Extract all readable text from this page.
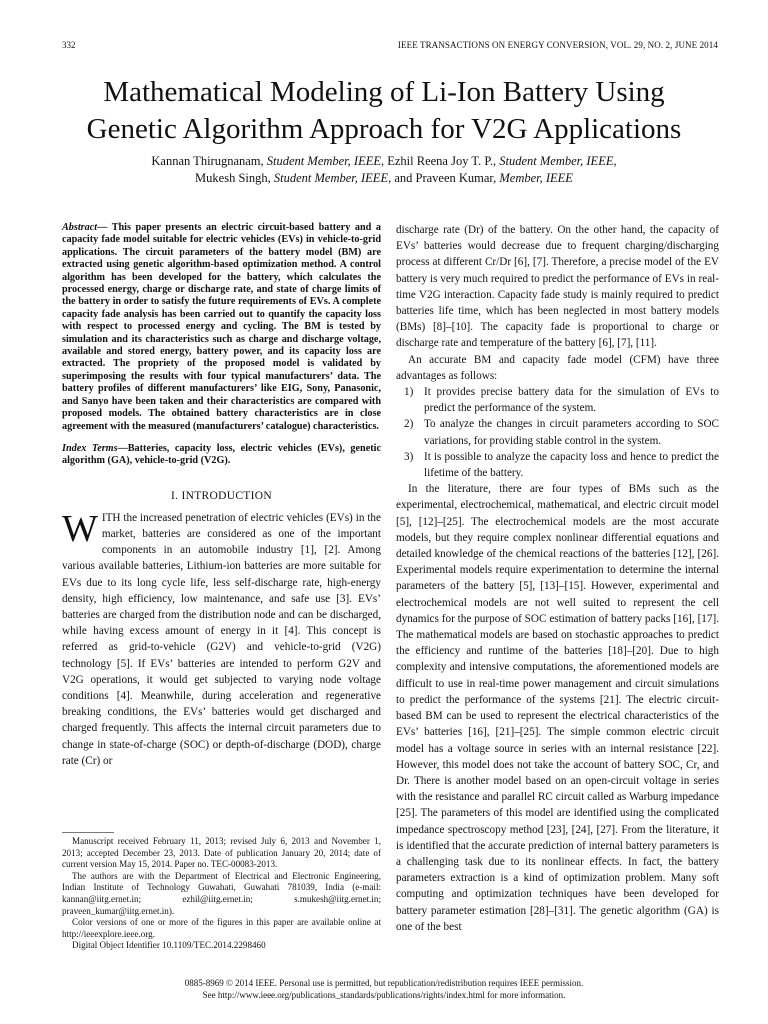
332	IEEE TRANSACTIONS ON ENERGY CONVERSION, VOL. 29, NO. 2, JUNE 2014
Mathematical Modeling of Li-Ion Battery Using
Genetic Algorithm Approach for V2G Applications
Kannan Thirugnanam, Student Member, IEEE, Ezhil Reena Joy T. P., Student Member, IEEE,
Mukesh Singh, Student Member, IEEE, and Praveen Kumar, Member, IEEE

Abstract— This paper presents an electric circuit-based battery and a capacity fade model suitable for electric vehicles (EVs) in vehicle-to-grid applications. The circuit parameters of the battery model (BM) are extracted using genetic algorithm-based optimization method. A control algorithm has been developed for the battery, which calculates the processed energy, charge or discharge rate, and state of charge limits of the battery in order to satisfy the future requirements of EVs. A complete capacity fade analysis has been carried out to quantify the capacity loss with respect to processed energy and cycling. The BM is tested by simulation and its characteristics such as charge and discharge voltage, available and stored energy, battery power, and its capacity loss are extracted. The propriety of the proposed model is validated by superimposing the results with four typical manufacturers’ data. The battery profiles of different manufacturers’ like EIG, Sony, Panasonic, and Sanyo have been taken and their characteristics are compared with proposed models. The obtained battery characteristics are in close agreement with the measured (manufacturers’ catalogue) characteristics.

Index Terms—Batteries, capacity loss, electric vehicles (EVs), genetic algorithm (GA), vehicle-to-grid (V2G).

I. INTRODUCTION

WITH the increased penetration of electric vehicles (EVs) in the market, batteries are considered as one of the important components in an automobile industry [1], [2]. Among various available batteries, Lithium-ion batteries are more suitable for EVs due to its long cycle life, less self-discharge rate, high-energy density, high efficiency, low maintenance, and safe use [3]. EVs’ batteries are charged from the distribution node and can be discharged, while having excess amount of energy in it [4]. This concept is referred as grid-to-vehicle (G2V) and vehicle-to-grid (V2G) technology [5]. If EVs’ batteries are intended to perform G2V and V2G operations, it would get subjected to varying node voltage conditions [4]. Meanwhile, during acceleration and regenerative breaking conditions, the EVs’ batteries would get discharged and charged frequently. This affects the internal circuit parameters due to change in state-of-charge (SOC) or depth-of-discharge (DOD), charge rate (Cr) or

Manuscript received February 11, 2013; revised July 6, 2013 and November 1, 2013; accepted December 23, 2013. Date of publication January 20, 2014; date of current version May 15, 2014. Paper no. TEC-00083-2013.

The authors are with the Department of Electrical and Electronic Engineering, Indian Institute of Technology Guwahati, Guwahati 781039, India (e-mail: kannan@iitg.ernet.in; ezhil@iitg.ernet.in; s.mukesh@iitg.ernet.in; praveen_kumar@iitg.ernet.in).

Color versions of one or more of the figures in this paper are available online at http://ieeexplore.ieee.org.

Digital Object Identifier 10.1109/TEC.2014.2298460

discharge rate (Dr) of the battery. On the other hand, the capacity of EVs’ batteries would decrease due to frequent charging/discharging process at different Cr/Dr [6], [7]. Therefore, a precise model of the EV battery is very much required to predict the performance of EVs in real-time V2G interaction. Capacity fade study is mainly required to predict batteries life time, which has been neglected in most battery models (BMs) [8]–[10]. The capacity fade is proportional to charge or discharge rate and temperature of the battery [6], [7], [11].

An accurate BM and capacity fade model (CFM) have three advantages as follows:

1) It provides precise battery data for the simulation of EVs to predict the performance of the system.
2) To analyze the changes in circuit parameters according to SOC variations, for providing stable control in the system.
3) It is possible to analyze the capacity loss and hence to predict the lifetime of the battery.

In the literature, there are four types of BMs such as the experimental, electrochemical, mathematical, and electric circuit model [5], [12]–[25]. The electrochemical models are the most accurate models, but they require complex nonlinear differential equations and detailed knowledge of the chemical reactions of the batteries [12], [26]. Experimental models require experimentation to determine the internal parameters of the battery [5], [13]–[15]. However, experimental and electrochemical models are not well suited to represent the cell dynamics for the purpose of SOC estimation of battery packs [16], [17]. The mathematical models are based on stochastic approaches to predict the efficiency and runtime of the batteries [18]–[20]. Due to high complexity and intensive computations, the aforementioned models are difficult to use in real-time power management and circuit simulations to predict the performance of the systems [21]. The electric circuit-based BM can be used to represent the electrical characteristics of the EVs’ batteries [16], [21]–[25]. The simple common electric circuit model has a voltage source in series with an internal resistance [22]. However, this model does not take the account of battery SOC, Cr, and Dr. There is another model based on an open-circuit voltage in series with the resistance and parallel RC circuit called as Warburg impedance [25]. The parameters of this model are identified using the complicated impedance spectroscopy method [23], [24], [27]. From the literature, it is identified that the accurate prediction of internal battery parameters is a challenging task due to its nonlinear effects. In fact, the battery parameters extraction is a kind of optimization problem. Many soft computing and optimization techniques have been developed for battery parameter estimation [28]–[31]. The genetic algorithm (GA) is one of the best

0885-8969 © 2014 IEEE. Personal use is permitted, but republication/redistribution requires IEEE permission.
See http://www.ieee.org/publications_standards/publications/rights/index.html for more information.
